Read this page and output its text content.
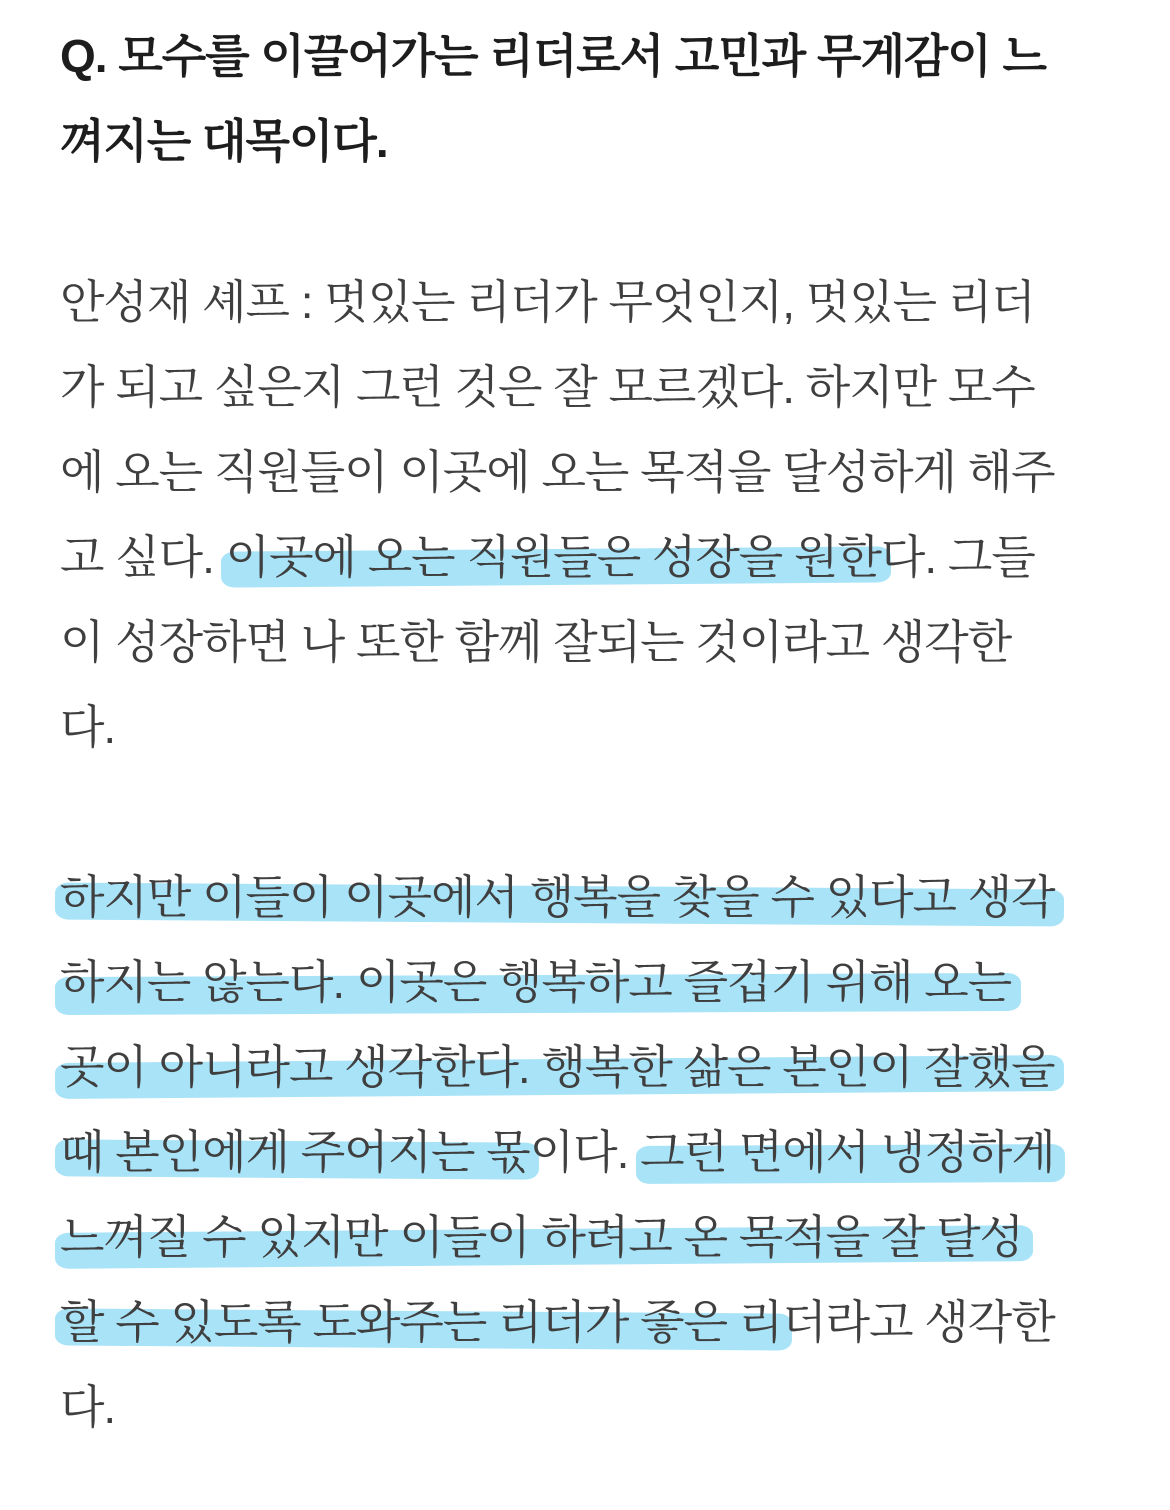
Q. 모수를 이끌어가는 리더로서 고민과 무게감이 느
껴지는 대목이다.
안성재 셰프 : 멋있는 리더가 무엇인지, 멋있는 리더
가 되고 싶은지 그런 것은 잘 모르겠다. 하지만 모수
에 오는 직원들이 이곳에 오는 목적을 달성하게 해주
고 싶다. 이곳에 오는 직원들은 성장을 원한다. 그들
이 성장하면 나 또한 함께 잘되는 것이라고 생각한
다.
하지만 이들이 이곳에서 행복을 찾을 수 있다고 생각
하지는 않는다. 이곳은 행복하고 즐겁기 위해 오는
곳이 아니라고 생각한다. 행복한 삶은 본인이 잘했을
때 본인에게 주어지는 몫이다. 그런 면에서 냉정하게
느껴질 수 있지만 이들이 하려고 온 목적을 잘 달성
할 수 있도록 도와주는 리더가 좋은 리더라고 생각한
다.
